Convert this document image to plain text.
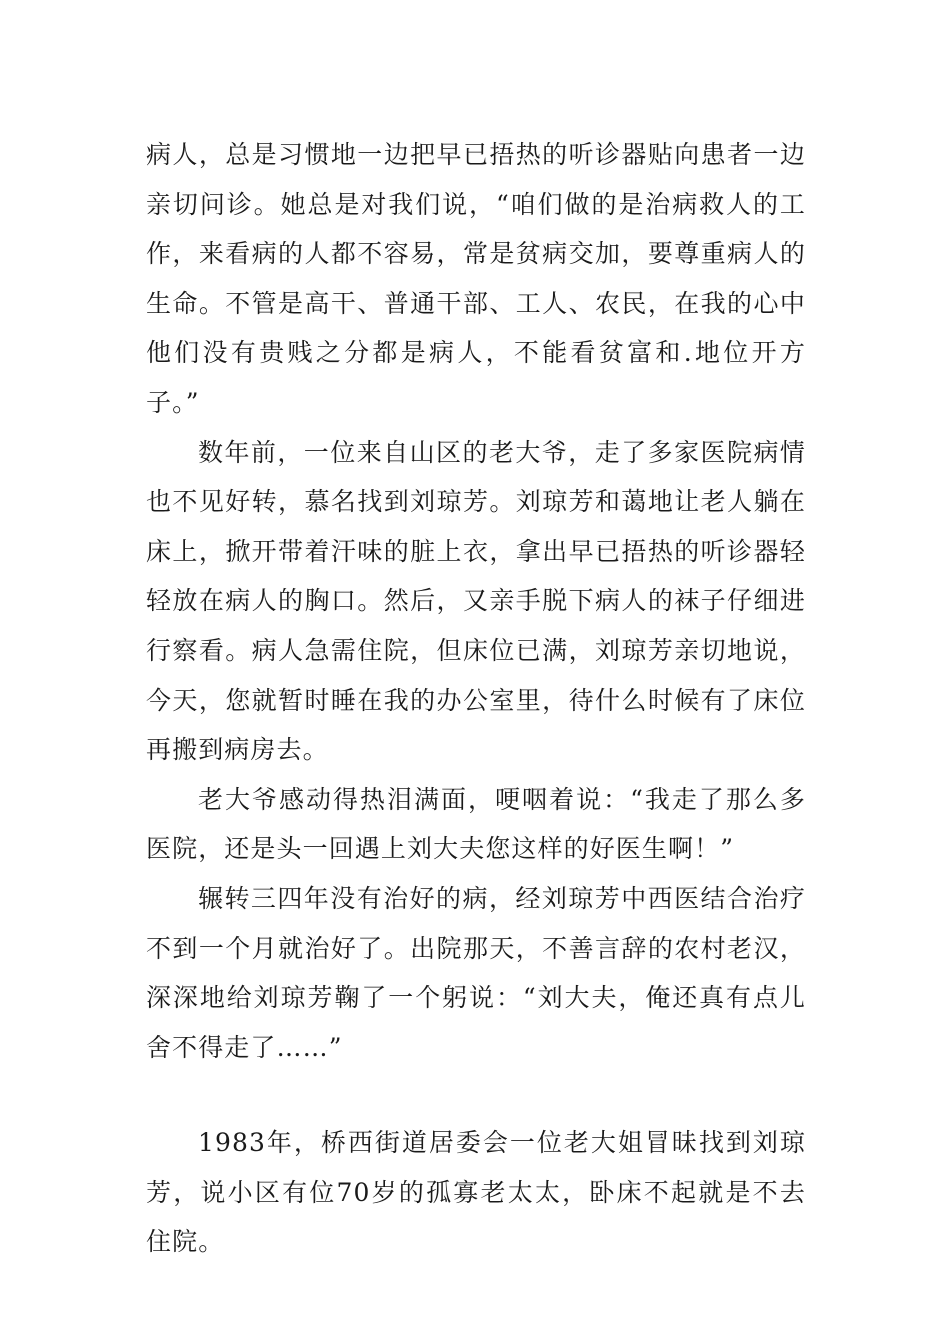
病人，总是习惯地一边把早已捂热的听诊器贴向患者一边亲切问诊。她总是对我们说，“咱们做的是治病救人的工作，来看病的人都不容易，常是贫病交加，要尊重病人的生命。不管是高干、普通干部、工人、农民，在我的心中他们没有贵贱之分都是病人，不能看贫富和.地位开方子。”

数年前，一位来自山区的老大爷，走了多家医院病情也不见好转，慕名找到刘琼芳。刘琼芳和蔼地让老人躺在床上，掀开带着汗味的脏上衣，拿出早已捂热的听诊器轻轻放在病人的胸口。然后，又亲手脱下病人的袜子仔细进行察看。病人急需住院，但床位已满，刘琼芳亲切地说，今天，您就暂时睡在我的办公室里，待什么时候有了床位再搬到病房去。

老大爷感动得热泪满面，哽咽着说：“我走了那么多医院，还是头一回遇上刘大夫您这样的好医生啊！”

辗转三四年没有治好的病，经刘琼芳中西医结合治疗不到一个月就治好了。出院那天，不善言辞的农村老汉，深深地给刘琼芳鞠了一个躬说：“刘大夫，俺还真有点儿舍不得走了……”

1983年，桥西街道居委会一位老大姐冒昧找到刘琼芳，说小区有位70岁的孤寡老太太，卧床不起就是不去住院。
